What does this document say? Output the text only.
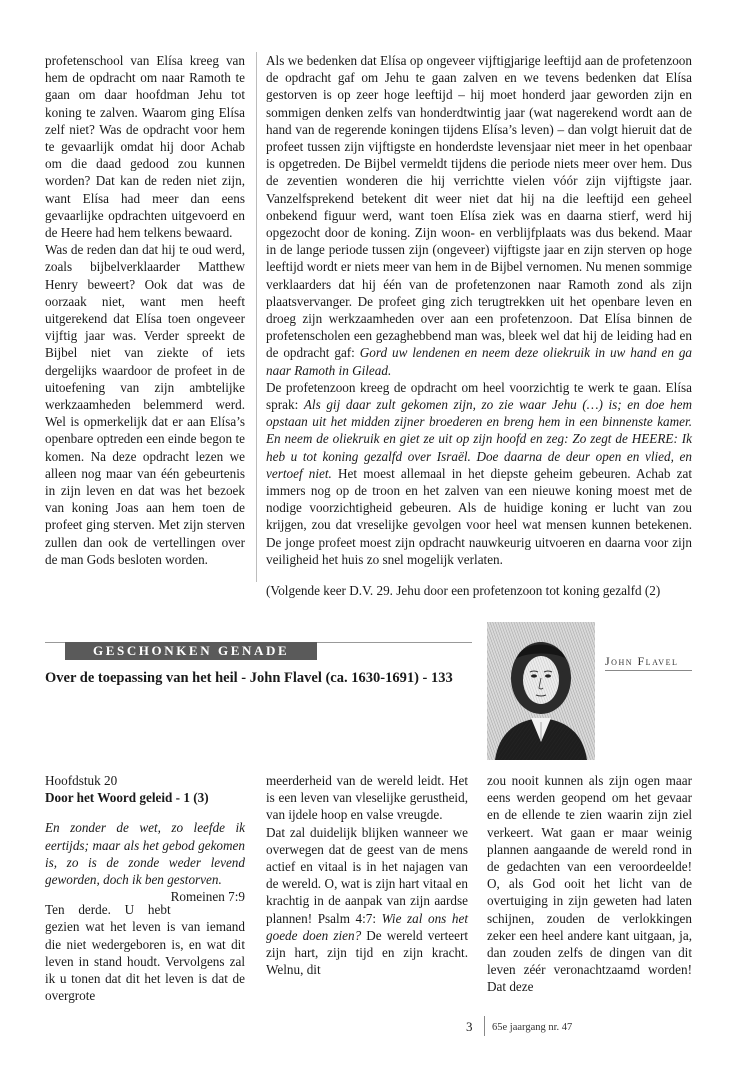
profetenschool van Elísa kreeg van hem de opdracht om naar Ramoth te gaan om daar hoofdman Jehu tot koning te zalven. Waarom ging Elísa zelf niet? Was de opdracht voor hem te gevaarlijk omdat hij door Achab om die daad gedood zou kunnen worden? Dat kan de reden niet zijn, want Elísa had meer dan eens gevaarlijke opdrachten uitgevoerd en de Heere had hem telkens bewaard.

Was de reden dan dat hij te oud werd, zoals bijbelverklaarder Matthew Henry beweert? Ook dat was de oorzaak niet, want men heeft uitgerekend dat Elísa toen ongeveer vijftig jaar was. Verder spreekt de Bijbel niet van ziekte of iets dergelijks waardoor de profeet in de uitoefening van zijn ambtelijke werkzaamheden belemmerd werd. Wel is opmerkelijk dat er aan Elísa’s openbare optreden een einde begon te komen. Na deze opdracht lezen we alleen nog maar van één gebeurtenis in zijn leven en dat was het bezoek van koning Joas aan hem toen de profeet ging sterven. Met zijn sterven zullen dan ook de vertellingen over de man Gods besloten worden.

Als we bedenken dat Elísa op ongeveer vijftigjarige leeftijd aan de profetenzoon de opdracht gaf om Jehu te gaan zalven en we tevens bedenken dat Elísa gestorven is op zeer hoge leeftijd – hij moet honderd jaar geworden zijn en sommigen denken zelfs van honderdtwintig jaar (wat nagerekend wordt aan de hand van de regerende koningen tijdens Elísa’s leven) – dan volgt hieruit dat de profeet tussen zijn vijftigste en honderdste levensjaar niet meer in het openbaar is opgetreden. De Bijbel vermeldt tijdens die periode niets meer over hem. Dus de zeventien wonderen die hij verrichtte vielen vóór zijn vijftigste jaar. Vanzelfsprekend betekent dit weer niet dat hij na die leeftijd een geheel onbekend figuur werd, want toen Elísa ziek was en daarna stierf, werd hij opgezocht door de koning. Zijn woon- en verblijfplaats was dus bekend. Maar in de lange periode tussen zijn (ongeveer) vijftigste jaar en zijn sterven op hoge leeftijd wordt er niets meer van hem in de Bijbel vernomen. Nu menen sommige verklaarders dat hij één van de profetenzonen naar Ramoth zond als zijn plaatsvervanger. De profeet ging zich terugtrekken uit het openbare leven en droeg zijn werkzaamheden over aan een profetenzoon. Dat Elísa binnen de profetenscholen een gezaghebbend man was, bleek wel dat hij de leiding had en de opdracht gaf: Gord uw lendenen en neem deze oliekruik in uw hand en ga naar Ramoth in Gilead.

De profetenzoon kreeg de opdracht om heel voorzichtig te werk te gaan. Elísa sprak: Als gij daar zult gekomen zijn, zo zie waar Jehu (…) is; en doe hem opstaan uit het midden zijner broederen en breng hem in een binnenste kamer. En neem de oliekruik en giet ze uit op zijn hoofd en zeg: Zo zegt de HEERE: Ik heb u tot koning gezalfd over Israël. Doe daarna de deur open en vlied, en vertoef niet. Het moest allemaal in het diepste geheim gebeuren. Achab zat immers nog op de troon en het zalven van een nieuwe koning moest met de nodige voorzichtigheid gebeuren. Als de huidige koning er lucht van zou krijgen, zou dat vreselijke gevolgen voor heel wat mensen kunnen betekenen. De jonge profeet moest zijn opdracht nauwkeurig uitvoeren en daarna voor zijn veiligheid het huis zo snel mogelijk verlaten.

(Volgende keer D.V. 29. Jehu door een profetenzoon tot koning gezalfd (2)

GESCHONKEN GENADE
Over de toepassing van het heil - John Flavel (ca. 1630-1691) - 133
John Flavel

Hoofdstuk 20

Door het Woord geleid - 1 (3)

En zonder de wet, zo leefde ik eertijds; maar als het gebod gekomen is, zo is de zonde weder levend geworden, doch ik ben gestorven.
Romeinen 7:9

Ten derde. U hebt gezien wat het leven is van iemand die niet wedergeboren is, en wat dit leven in stand houdt. Vervolgens zal ik u tonen dat dit het leven is dat de overgrote

meerderheid van de wereld leidt. Het is een leven van vleselijke gerustheid, van ijdele hoop en valse vreugde.

Dat zal duidelijk blijken wanneer we overwegen dat de geest van de mens actief en vitaal is in het najagen van de wereld. O, wat is zijn hart vitaal en krachtig in de aanpak van zijn aardse plannen! Psalm 4:7: Wie zal ons het goede doen zien? De wereld verteert zijn hart, zijn tijd en zijn kracht. Welnu, dit

zou nooit kunnen als zijn ogen maar eens werden geopend om het gevaar en de ellende te zien waarin zijn ziel verkeert. Wat gaan er maar weinig plannen aangaande de wereld rond in de gedachten van een veroordeelde! O, als God ooit het licht van de overtuiging in zijn geweten had laten schijnen, zouden de verlokkingen zeker een heel andere kant uitgaan, ja, dan zouden zelfs de dingen van dit leven zéér veronachtzaamd worden! Dat deze

3 65e jaargang nr. 47
